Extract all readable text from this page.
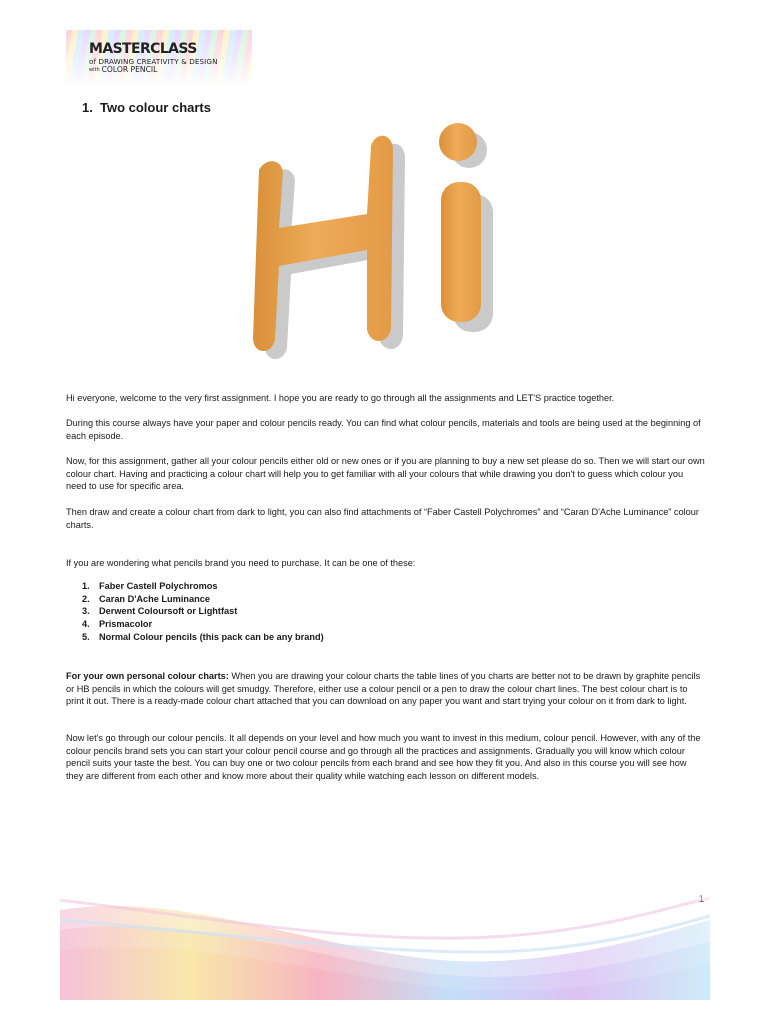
MASTERCLASS
of DRAWING CREATIVITY & DESIGN
with COLOR PENCIL
1. Two colour charts

Hi everyone, welcome to the very first assignment. I hope you are ready to go through all the assignments and LET'S practice together.

During this course always have your paper and colour pencils ready. You can find what colour pencils, materials and tools are being used at the beginning of each episode.

Now, for this assignment, gather all your colour pencils either old or new ones or if you are planning to buy a new set please do so. Then we will start our own colour chart. Having and practicing a colour chart will help you to get familiar with all your colours that while drawing you don't to guess which colour you need to use for specific area.

Then draw and create a colour chart from dark to light, you can also find attachments of “Faber Castell Polychromes” and “Caran D'Ache Luminance” colour charts.

If you are wondering what pencils brand you need to purchase. It can be one of these:

1.	Faber Castell Polychromos
2.	Caran D'Ache Luminance
3.	Derwent Coloursoft or Lightfast
4.	Prismacolor
5.	Normal Colour pencils (this pack can be any brand)

For your own personal colour charts: When you are drawing your colour charts the table lines of you charts are better not to be drawn by graphite pencils or HB pencils in which the colours will get smudgy. Therefore, either use a colour pencil or a pen to draw the colour chart lines. The best colour chart is to print it out. There is a ready-made colour chart attached that you can download on any paper you want and start trying your colour on it from dark to light.

Now let's go through our colour pencils. It all depends on your level and how much you want to invest in this medium, colour pencil. However, with any of the colour pencils brand sets you can start your colour pencil course and go through all the practices and assignments. Gradually you will know which colour pencil suits your taste the best. You can buy one or two colour pencils from each brand and see how they fit you. And also in this course you will see how they are different from each other and know more about their quality while watching each lesson on different models.
